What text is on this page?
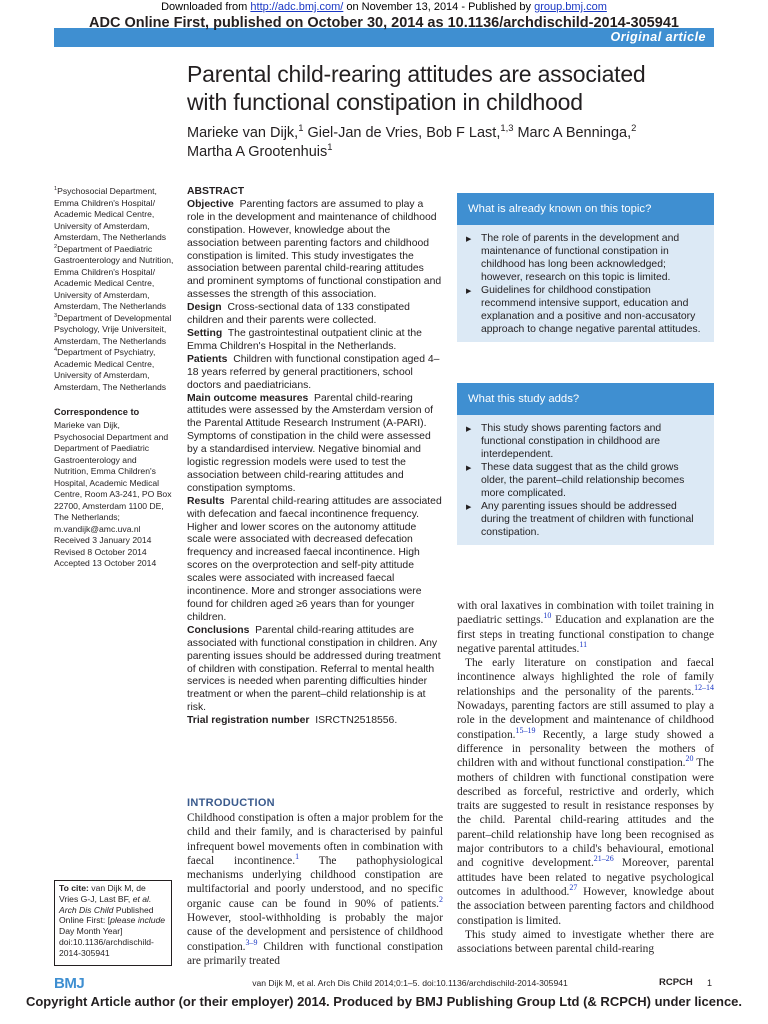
Downloaded from http://adc.bmj.com/ on November 13, 2014 - Published by group.bmj.com
ADC Online First, published on October 30, 2014 as 10.1136/archdischild-2014-305941
Original article
Parental child-rearing attitudes are associated with functional constipation in childhood
Marieke van Dijk,$^1$ Giel-Jan de Vries, Bob F Last,$^{1,3}$ Marc A Benninga,$^2$
Martha A Grootenhuis$^1$
$^1$Psychosocial Department, Emma Children's Hospital/ Academic Medical Centre, University of Amsterdam, Amsterdam, The Netherlands
$^2$Department of Paediatric Gastroenterology and Nutrition, Emma Children's Hospital/ Academic Medical Centre, University of Amsterdam, Amsterdam, The Netherlands
$^3$Department of Developmental Psychology, Vrije Universiteit, Amsterdam, The Netherlands
$^4$Department of Psychiatry, Academic Medical Centre, University of Amsterdam, Amsterdam, The Netherlands
Correspondence to
Marieke van Dijk, Psychosocial Department and Department of Paediatric Gastroenterology and Nutrition, Emma Children's Hospital, Academic Medical Centre, Room A3-241, PO Box 22700, Amsterdam 1100 DE, The Netherlands;
m.vandijk@amc.uva.nl
Received 3 January 2014
Revised 8 October 2014
Accepted 13 October 2014
To cite: van Dijk M, de Vries G-J, Last BF, et al. Arch Dis Child Published Online First: [please include Day Month Year] doi:10.1136/archdischild-2014-305941
ABSTRACT
Objective Parenting factors are assumed to play a role in the development and maintenance of childhood constipation. However, knowledge about the association between parenting factors and childhood constipation is limited. This study investigates the association between parental child-rearing attitudes and prominent symptoms of functional constipation and assesses the strength of this association.
Design Cross-sectional data of 133 constipated children and their parents were collected.
Setting The gastrointestinal outpatient clinic at the Emma Children's Hospital in the Netherlands.
Patients Children with functional constipation aged 4–18 years referred by general practitioners, school doctors and paediatricians.
Main outcome measures Parental child-rearing attitudes were assessed by the Amsterdam version of the Parental Attitude Research Instrument (A-PARI). Symptoms of constipation in the child were assessed by a standardised interview. Negative binomial and logistic regression models were used to test the association between child-rearing attitudes and constipation symptoms.
Results Parental child-rearing attitudes are associated with defecation and faecal incontinence frequency. Higher and lower scores on the autonomy attitude scale were associated with decreased defecation frequency and increased faecal incontinence. High scores on the overprotection and self-pity attitude scales were associated with increased faecal incontinence. More and stronger associations were found for children aged ≥6 years than for younger children.
Conclusions Parental child-rearing attitudes are associated with functional constipation in children. Any parenting issues should be addressed during treatment of children with constipation. Referral to mental health services is needed when parenting difficulties hinder treatment or when the parent–child relationship is at risk.
Trial registration number ISRCTN2518556.
What is already known on this topic?
▶ The role of parents in the development and maintenance of functional constipation in childhood has long been acknowledged; however, research on this topic is limited.
▶ Guidelines for childhood constipation recommend intensive support, education and explanation and a positive and non-accusatory approach to change negative parental attitudes.
What this study adds?
▶ This study shows parenting factors and functional constipation in childhood are interdependent.
▶ These data suggest that as the child grows older, the parent–child relationship becomes more complicated.
▶ Any parenting issues should be addressed during the treatment of children with functional constipation.
INTRODUCTION

Childhood constipation is often a major problem for the child and their family, and is characterised by painful infrequent bowel movements often in combination with faecal incontinence.$^1$ The pathophysiological mechanisms underlying childhood constipation are multifactorial and poorly understood, and no specific organic cause can be found in 90% of patients.$^2$ However, stool-withholding is probably the major cause of the development and persistence of childhood constipation.$^{3-9}$ Children with functional constipation are primarily treated

with oral laxatives in combination with toilet training in paediatric settings.$^{10}$ Education and explanation are the first steps in treating functional constipation to change negative parental attitudes.$^{11}$

The early literature on constipation and faecal incontinence always highlighted the role of family relationships and the personality of the parents.$^{12-14}$ Nowadays, parenting factors are still assumed to play a role in the development and maintenance of childhood constipation.$^{15-19}$ Recently, a large study showed a difference in personality between the mothers of children with and without functional constipation.$^{20}$ The mothers of children with functional constipation were described as forceful, restrictive and orderly, which traits are suggested to result in resistance responses by the child. Parental child-rearing attitudes and the parent–child relationship have long been recognised as major contributors to a child's behavioural, emotional and cognitive development.$^{21-26}$ Moreover, parental attitudes have been related to negative psychological outcomes in adulthood.$^{27}$ However, knowledge about the association between parenting factors and childhood constipation is limited.

This study aimed to investigate whether there are associations between parental child-rearing

BMJ	van Dijk M, et al. Arch Dis Child 2014;0:1–5. doi:10.1136/archdischild-2014-305941	RCPCH 1
Copyright Article author (or their employer) 2014. Produced by BMJ Publishing Group Ltd (& RCPCH) under licence.
